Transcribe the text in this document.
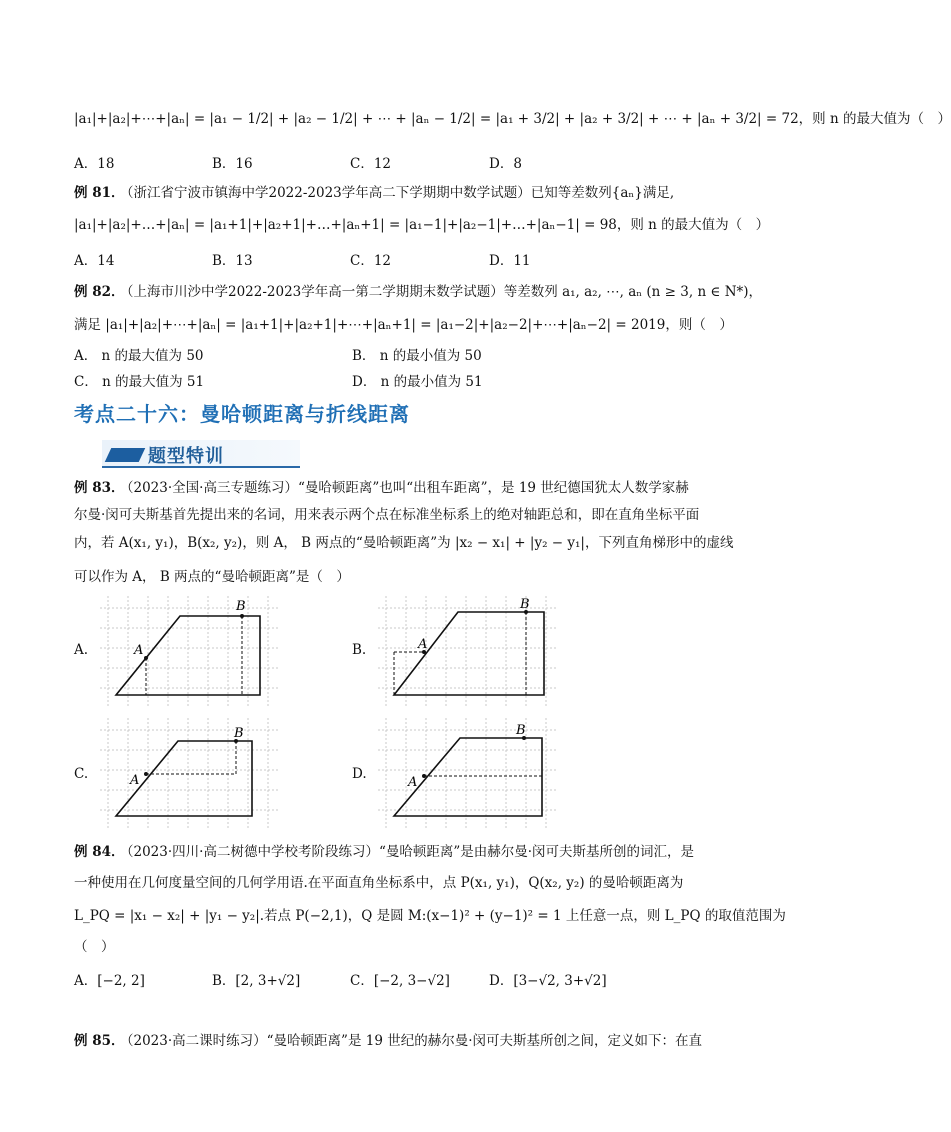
|a₁|+|a₂|+⋯+|aₙ| = |a₁ − 1/2| + |a₂ − 1/2| + ⋯ + |aₙ − 1/2| = |a₁ + 3/2| + |a₂ + 3/2| + ⋯ + |aₙ + 3/2| = 72，则 n 的最大值为（　）
A．18	B．16	C．12	D．8
例 81．
（浙江省宁波市镇海中学2022-2023学年高二下学期期中数学试题）已知等差数列{aₙ}满足,
|a₁|+|a₂|+…+|aₙ| = |a₁+1|+|a₂+1|+…+|aₙ+1| = |a₁−1|+|a₂−1|+…+|aₙ−1| = 98，则 n 的最大值为（　）
A．14	B．13	C．12	D．11
例 82．
（上海市川沙中学2022-2023学年高一第二学期期末数学试题）等差数列 a₁, a₂, ⋯, aₙ (n ≥ 3, n ∈ N*)，
满足 |a₁|+|a₂|+⋯+|aₙ| = |a₁+1|+|a₂+1|+⋯+|aₙ+1| = |a₁−2|+|a₂−2|+⋯+|aₙ−2| = 2019，则（　）
A． n 的最大值为 50	B． n 的最小值为 50
C． n 的最大值为 51	D． n 的最小值为 51
考点二十六：曼哈顿距离与折线距离
题型特训
例 83．
（2023·全国·高三专题练习）“曼哈顿距离”也叫“出租车距离”，是 19 世纪德国犹太人数学家赫
尔曼·闵可夫斯基首先提出来的名词，用来表示两个点在标准坐标系上的绝对轴距总和，即在直角坐标平面
内，若 A(x₁, y₁)，B(x₂, y₂)，则 A， B 两点的“曼哈顿距离”为 |x₂ − x₁| + |y₂ − y₁|，下列直角梯形中的虚线
可以作为 A， B 两点的“曼哈顿距离”是（　）
A.	B.
C.	D.
A
B
A
B
A
B
A
B
例 84．
（2023·四川·高二树德中学校考阶段练习）“曼哈顿距离”是由赫尔曼·闵可夫斯基所创的词汇，是
一种使用在几何度量空间的几何学用语.在平面直角坐标系中，点 P(x₁, y₁)，Q(x₂, y₂) 的曼哈顿距离为
L_PQ = |x₁ − x₂| + |y₁ − y₂|.若点 P(−2,1)，Q 是圆 M:(x−1)² + (y−1)² = 1 上任意一点，则 L_PQ 的取值范围为
（　）
A．[−2, 2]	B．[2, 3+√2]	C．[−2, 3−√2]	D．[3−√2, 3+√2]
例 85．
（2023·高二课时练习）“曼哈顿距离”是 19 世纪的赫尔曼·闵可夫斯基所创之间，定义如下：在直
